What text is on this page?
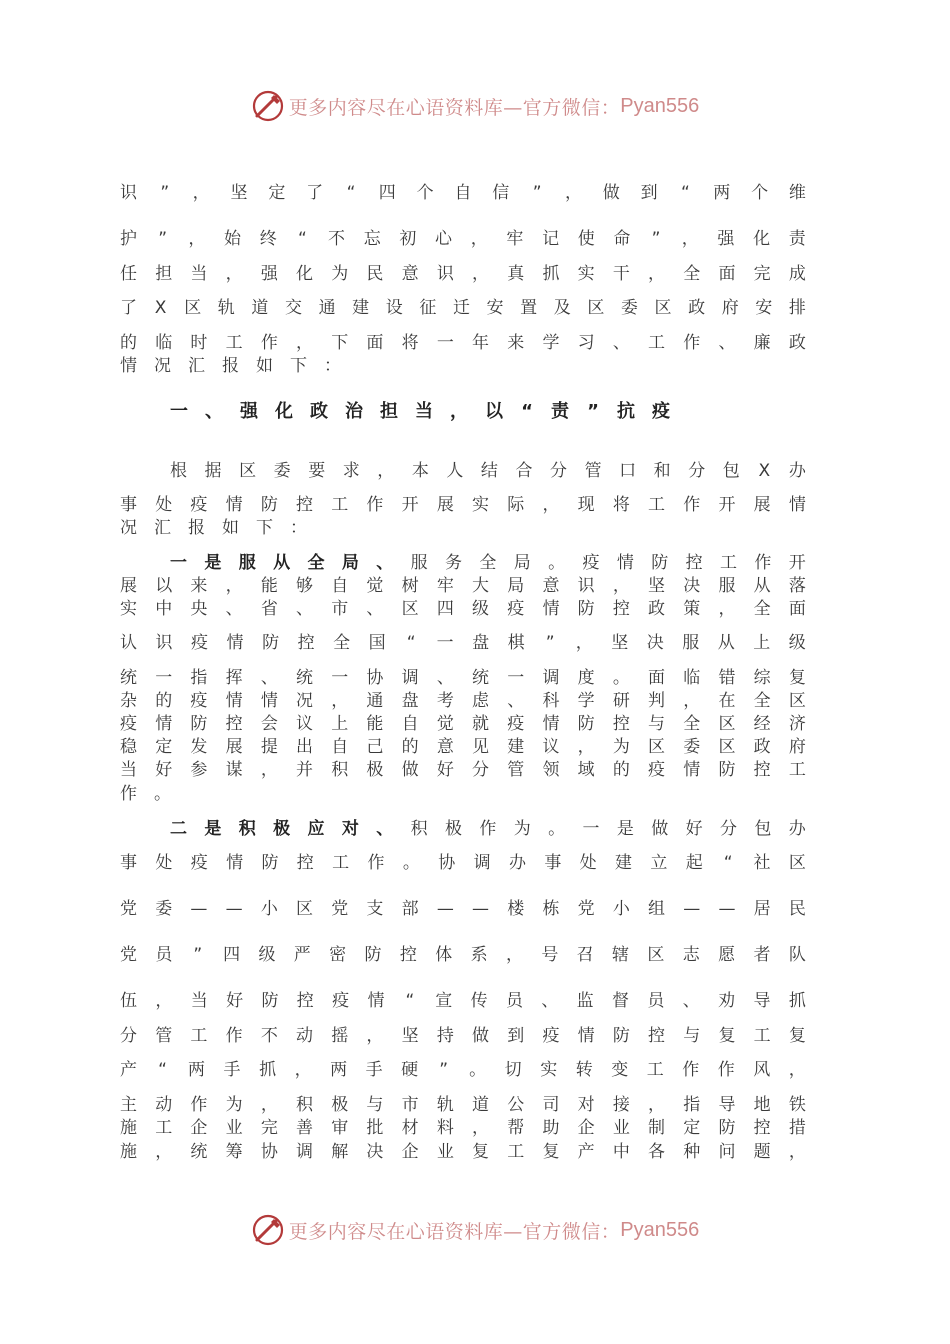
更多内容尽在心语资料库—官方微信： Pyan556
识 ” ， 坚 定 了 “ 四 个 自 信 ” ， 做 到 “ 两 个 维
护 ” ， 始 终 “ 不 忘 初 心 ， 牢 记 使 命 ” ， 强 化 责
任 担 当 ， 强 化 为 民 意 识 ， 真 抓 实 干 ， 全 面 完 成
了 X 区 轨 道 交 通 建 设 征 迁 安 置 及 区 委 区 政 府 安 排
的 临 时 工 作 ， 下 面 将 一 年 来 学 习 、 工 作 、 廉 政
情 况 汇 报 如 下 ：
一 、 强 化 政 治 担 当 ， 以 “ 责 ” 抗 疫
根 据 区 委 要 求 ， 本 人 结 合 分 管 口 和 分 包 X 办
事 处 疫 情 防 控 工 作 开 展 实 际 ， 现 将 工 作 开 展 情
况 汇 报 如 下 ：
一 是 服 从 全 局 、 服 务 全 局 。 疫 情 防 控 工 作 开
展 以 来 ， 能 够 自 觉 树 牢 大 局 意 识 ， 坚 决 服 从 落
实 中 央 、 省 、 市 、 区 四 级 疫 情 防 控 政 策 ， 全 面
认 识 疫 情 防 控 全 国 “ 一 盘 棋 ” ， 坚 决 服 从 上 级
统 一 指 挥 、 统 一 协 调 、 统 一 调 度 。 面 临 错 综 复
杂 的 疫 情 情 况 ， 通 盘 考 虑 、 科 学 研 判 ， 在 全 区
疫 情 防 控 会 议 上 能 自 觉 就 疫 情 防 控 与 全 区 经 济
稳 定 发 展 提 出 自 己 的 意 见 建 议 ， 为 区 委 区 政 府
当 好 参 谋 ， 并 积 极 做 好 分 管 领 域 的 疫 情 防 控 工
作 。
二 是 积 极 应 对 、 积 极 作 为 。 一 是 做 好 分 包 办
事 处 疫 情 防 控 工 作 。 协 调 办 事 处 建 立 起 “ 社 区
党 委 — — 小 区 党 支 部 — — 楼 栋 党 小 组 — — 居 民
党 员 ” 四 级 严 密 防 控 体 系 ， 号 召 辖 区 志 愿 者 队
伍 ， 当 好 防 控 疫 情 “ 宣 传 员 、 监 督 员 、 劝 导 抓
分 管 工 作 不 动 摇 ， 坚 持 做 到 疫 情 防 控 与 复 工 复
产 “ 两 手 抓 ， 两 手 硬 ” 。 切 实 转 变 工 作 作 风 ，
主 动 作 为 ， 积 极 与 市 轨 道 公 司 对 接 ， 指 导 地 铁
施 工 企 业 完 善 审 批 材 料 ， 帮 助 企 业 制 定 防 控 措
施 ， 统 筹 协 调 解 决 企 业 复 工 复 产 中 各 种 问 题 ，
更多内容尽在心语资料库—官方微信： Pyan556
